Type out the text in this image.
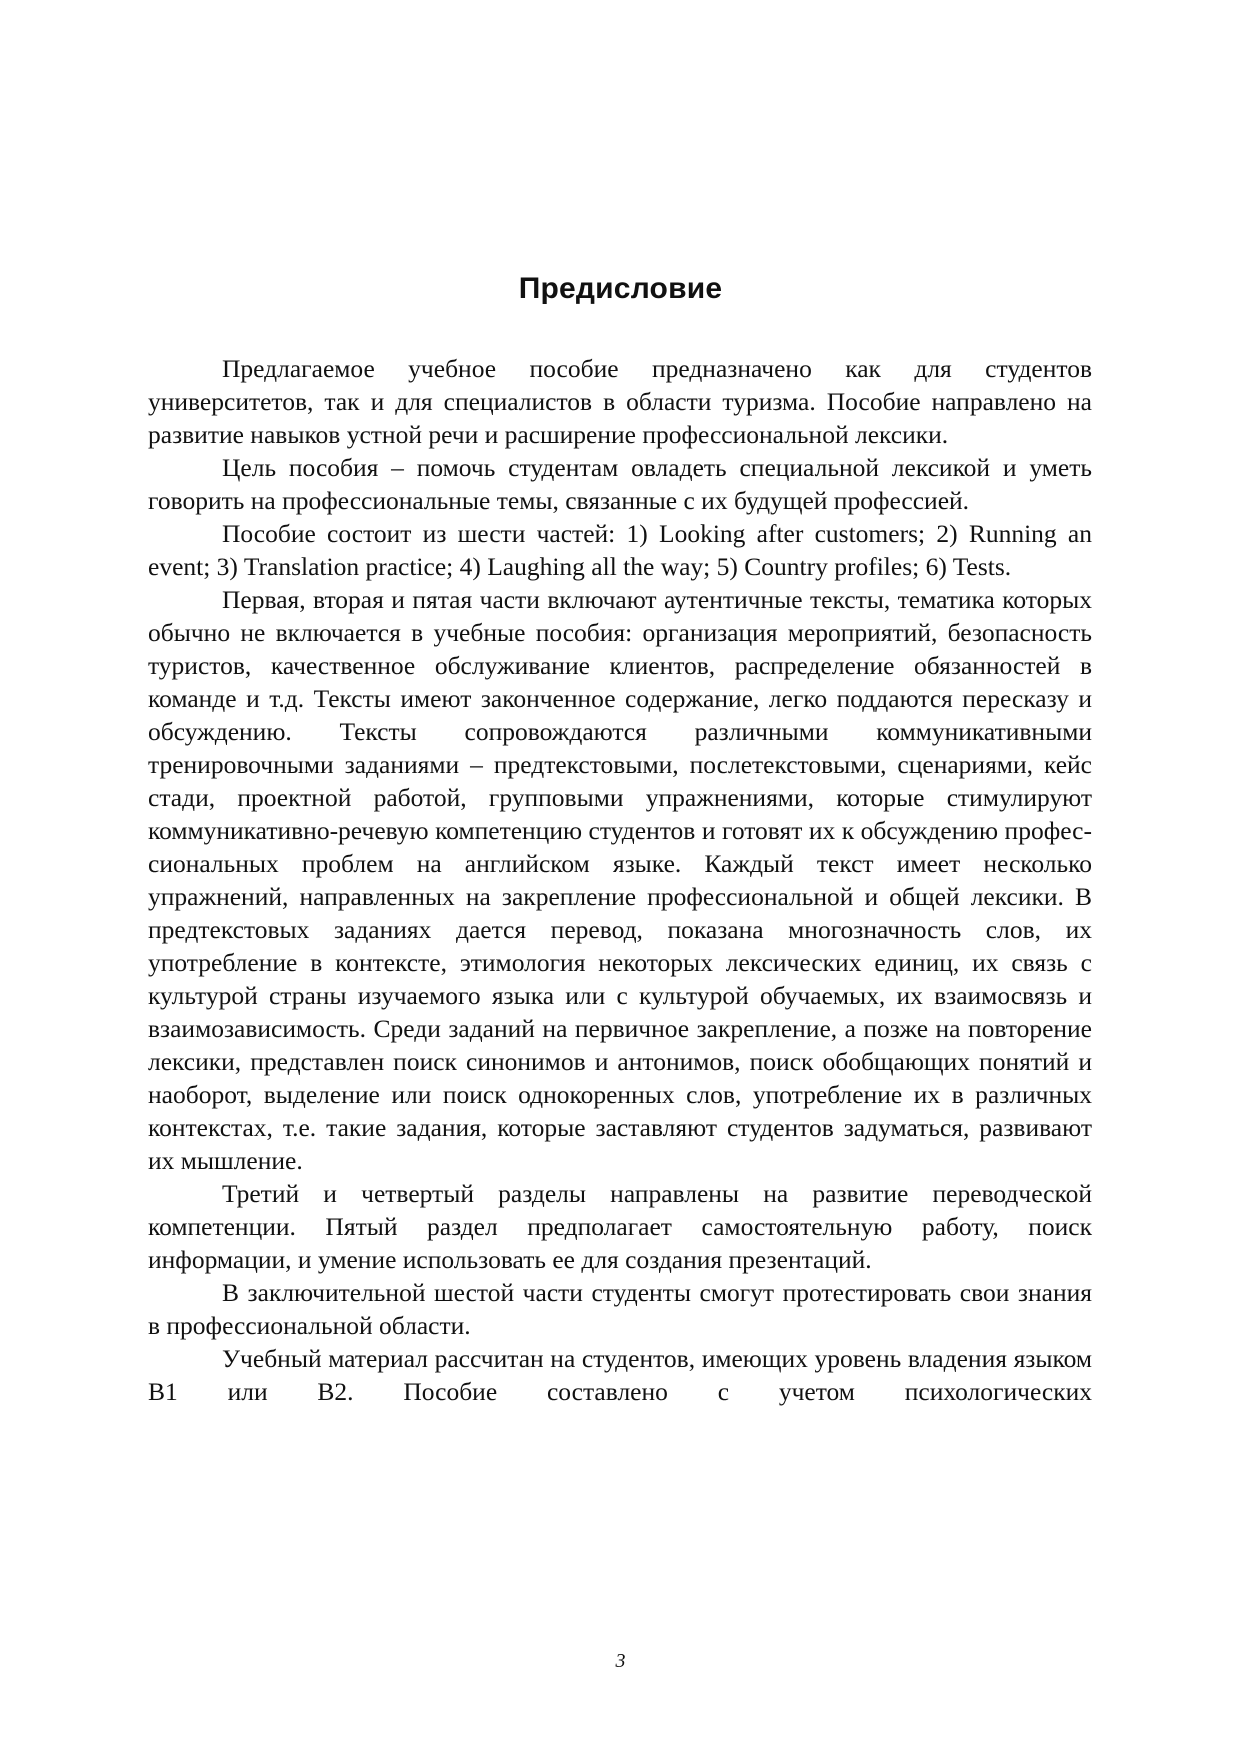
Предисловие

Предлагаемое учебное пособие предназначено как для студентов университетов, так и для специалистов в области туризма. Пособие направлено на развитие навыков устной речи и расширение профессиональной лексики.

Цель пособия – помочь студентам овладеть специальной лексикой и уметь говорить на профессиональные темы, связанные с их будущей профессией.

Пособие состоит из шести частей: 1) Looking after customers; 2) Running an event; 3) Translation practice; 4) Laughing all the way; 5) Country profiles; 6) Tests.

Первая, вторая и пятая части включают аутентичные тексты, тематика которых обычно не включается в учебные пособия: организация мероприятий, безопасность туристов, качественное обслуживание клиентов, распределение обязанностей в команде и т.д. Тексты имеют законченное содержание, легко поддаются пересказу и обсуждению. Тексты сопровождаются различными коммуникативными тренировочными заданиями – предтекстовыми, послетекстовыми, сценариями, кейс стади, проектной работой, групповыми упражнениями, которые стимулируют коммуникативно-речевую компетенцию студентов и готовят их к обсуждению профессиональных проблем на английском языке. Каждый текст имеет несколько упражнений, направленных на закрепление профессиональной и общей лексики. В предтекстовых заданиях дается перевод, показана многозначность слов, их употребление в контексте, этимология некоторых лексических единиц, их связь с культурой страны изучаемого языка или с культурой обучаемых, их взаимосвязь и взаимозависимость. Среди заданий на первичное закрепление, а позже на повторение лексики, представлен поиск синонимов и антонимов, поиск обобщающих понятий и наоборот, выделение или поиск однокоренных слов, употребление их в различных контекстах, т.е. такие задания, которые заставляют студентов задуматься, развивают их мышление.

Третий и четвертый разделы направлены на развитие переводческой компетенции. Пятый раздел предполагает самостоятельную работу, поиск информации, и умение использовать ее для создания презентаций.

В заключительной шестой части студенты смогут протестировать свои знания в профессиональной области.

Учебный материал рассчитан на студентов, имеющих уровень владения языком B1 или B2. Пособие составлено с учетом психологических

3
